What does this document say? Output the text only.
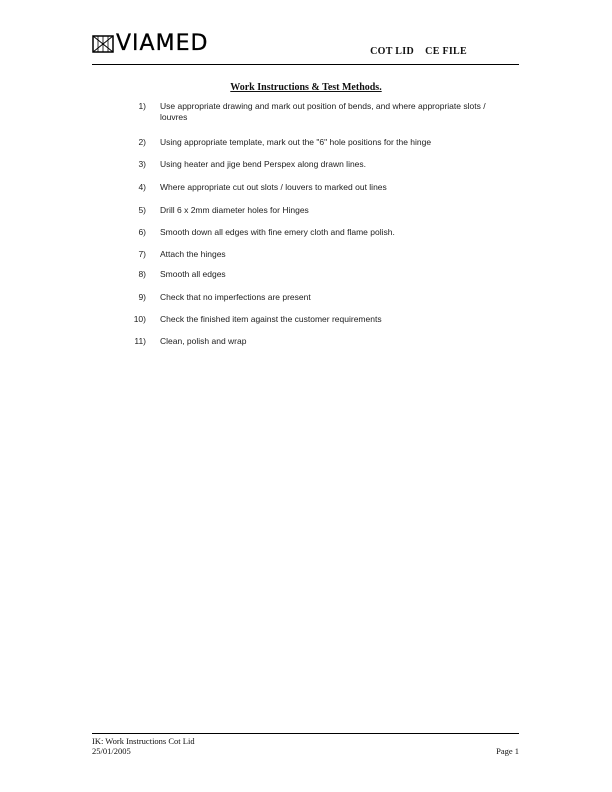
VIAMED	COT LID    CE FILE
Work Instructions & Test Methods.
1) Use appropriate drawing and mark out position of bends, and where appropriate slots / louvres
2) Using appropriate template, mark out the "6" hole positions for the hinge
3) Using heater and jige bend Perspex along drawn lines.
4) Where appropriate cut out slots / louvers to marked out lines
5) Drill 6 x 2mm diameter holes for Hinges
6) Smooth down all edges with fine emery cloth and flame polish.
7) Attach the hinges
8) Smooth all edges
9) Check that no imperfections are present
10) Check the finished item against the customer requirements
11) Clean, polish and wrap
IK: Work Instructions Cot Lid
25/01/2005	Page 1
